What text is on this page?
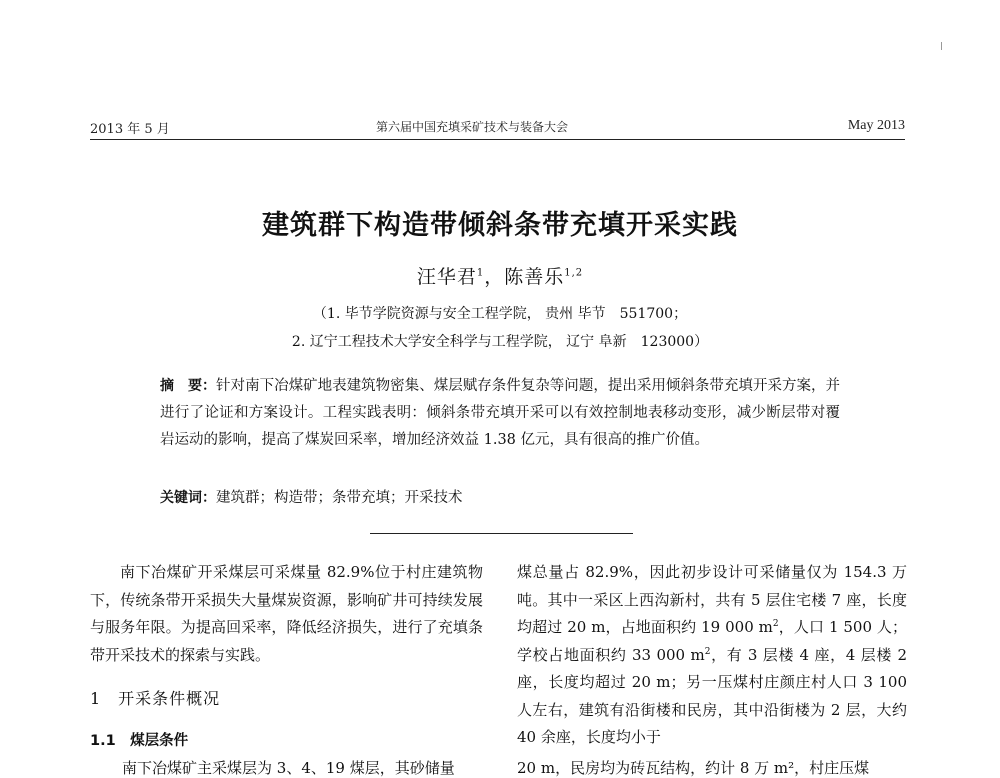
2013 年 5 月	第六届中国充填采矿技术与装备大会	May 2013
建筑群下构造带倾斜条带充填开采实践
汪华君$^1$，陈善乐$^{1,2}$
（1. 毕节学院资源与安全工程学院， 贵州 毕节　551700；
2. 辽宁工程技术大学安全科学与工程学院， 辽宁 阜新　123000）
摘　要：针对南下冶煤矿地表建筑物密集、煤层赋存条件复杂等问题，提出采用倾斜条带充填开采方案，并进行了论证和方案设计。工程实践表明：倾斜条带充填开采可以有效控制地表移动变形，减少断层带对覆岩运动的影响，提高了煤炭回采率，增加经济效益 1.38 亿元，具有很高的推广价值。
关键词：建筑群；构造带；条带充填；开采技术

南下冶煤矿开采煤层可采煤量 82.9%位于村庄建筑物下，传统条带开采损失大量煤炭资源，影响矿井可持续发展与服务年限。为提高回采率，降低经济损失，进行了充填条带开采技术的探索与实践。

1　开采条件概况
1.1　煤层条件
南下冶煤矿主采煤层为 3、4、19 煤层，其砂储量

煤总量占 82.9%，因此初步设计可采储量仅为 154.3 万吨。其中一采区上西沟新村，共有 5 层住宅楼 7 座，长度均超过 20 m，占地面积约 19 000 $m^2$，人口 1 500 人；学校占地面积约 33 000 $m^2$，有 3 层楼 4 座，4 层楼 2 座，长度均超过 20 m；另一压煤村庄颜庄村人口 3 100 人左右，建筑有沿街楼和民房，其中沿街楼为 2 层，大约 40 余座，长度均小于

20 m，民房均为砖瓦结构，约计 8 万 m²，村庄压煤
